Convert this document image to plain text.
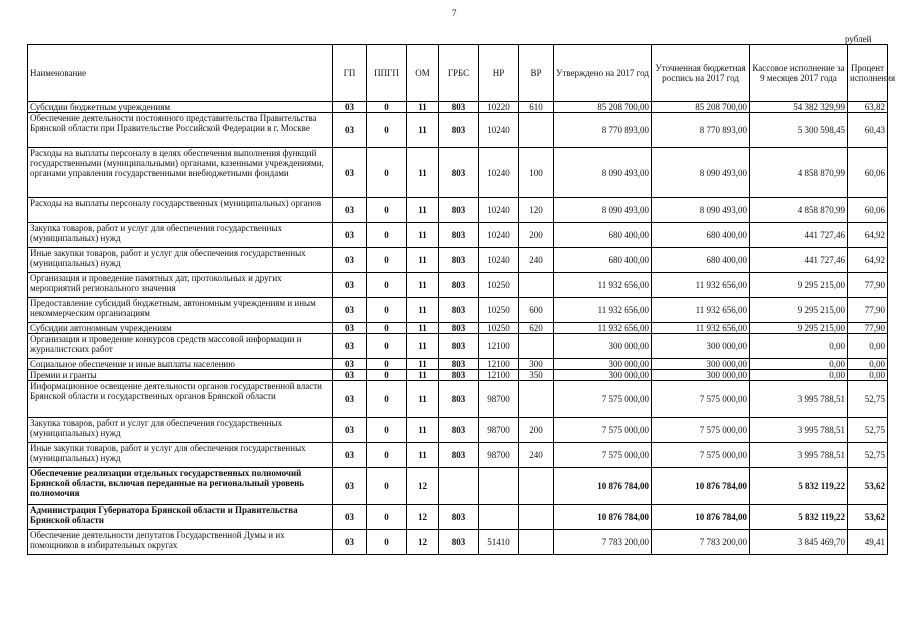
7
рублей
Наименование	ГП	ППГП	ОМ	ГРБС	НР	ВР	Утверждено на 2017 год	Уточненная бюджетная роспись на 2017 год	Кассовое исполнение за 9 месяцев 2017 года	Процент исполнения
Субсидии бюджетным учреждениям	03	0	11	803	10220	610	85 208 700,00	85 208 700,00	54 382 329,99	63,82
Обеспечение деятельности постоянного представительства Правительства Брянской области при Правительстве Российской Федерации в г. Москве	03	0	11	803	10240		8 770 893,00	8 770 893,00	5 300 598,45	60,43
Расходы на выплаты персоналу в целях обеспечения выполнения функций государственными (муниципальными) органами, казенными учреждениями, органами управления государственными внебюджетными фондами	03	0	11	803	10240	100	8 090 493,00	8 090 493,00	4 858 870,99	60,06
Расходы на выплаты персоналу государственных (муниципальных) органов	03	0	11	803	10240	120	8 090 493,00	8 090 493,00	4 858 870,99	60,06
Закупка товаров, работ и услуг для обеспечения государственных (муниципальных) нужд	03	0	11	803	10240	200	680 400,00	680 400,00	441 727,46	64,92
Иные закупки товаров, работ и услуг для обеспечения государственных (муниципальных) нужд	03	0	11	803	10240	240	680 400,00	680 400,00	441 727,46	64,92
Организация и проведение памятных дат, протокольных и других мероприятий регионального значения	03	0	11	803	10250		11 932 656,00	11 932 656,00	9 295 215,00	77,90
Предоставление субсидий бюджетным, автономным учреждениям и иным некоммерческим организациям	03	0	11	803	10250	600	11 932 656,00	11 932 656,00	9 295 215,00	77,90
Субсидии автономным учреждениям	03	0	11	803	10250	620	11 932 656,00	11 932 656,00	9 295 215,00	77,90
Организация и проведение конкурсов средств массовой информации и журналистских работ	03	0	11	803	12100		300 000,00	300 000,00	0,00	0,00
Социальное обеспечение и иные выплаты населению	03	0	11	803	12100	300	300 000,00	300 000,00	0,00	0,00
Премии и гранты	03	0	11	803	12100	350	300 000,00	300 000,00	0,00	0,00
Информационное освещение деятельности органов государственной власти Брянской области и государственных органов Брянской области	03	0	11	803	98700		7 575 000,00	7 575 000,00	3 995 788,51	52,75
Закупка товаров, работ и услуг для обеспечения государственных (муниципальных) нужд	03	0	11	803	98700	200	7 575 000,00	7 575 000,00	3 995 788,51	52,75
Иные закупки товаров, работ и услуг для обеспечения государственных (муниципальных) нужд	03	0	11	803	98700	240	7 575 000,00	7 575 000,00	3 995 788,51	52,75
Обеспечение реализации отдельных государственных полномочий Брянской области, включая переданные на региональный уровень полномочия	03	0	12				10 876 784,00	10 876 784,00	5 832 119,22	53,62
Администрация Губернатора Брянской области и Правительства Брянской области	03	0	12	803			10 876 784,00	10 876 784,00	5 832 119,22	53,62
Обеспечение деятельности депутатов Государственной Думы и их помощников в избирательных округах	03	0	12	803	51410		7 783 200,00	7 783 200,00	3 845 469,70	49,41
